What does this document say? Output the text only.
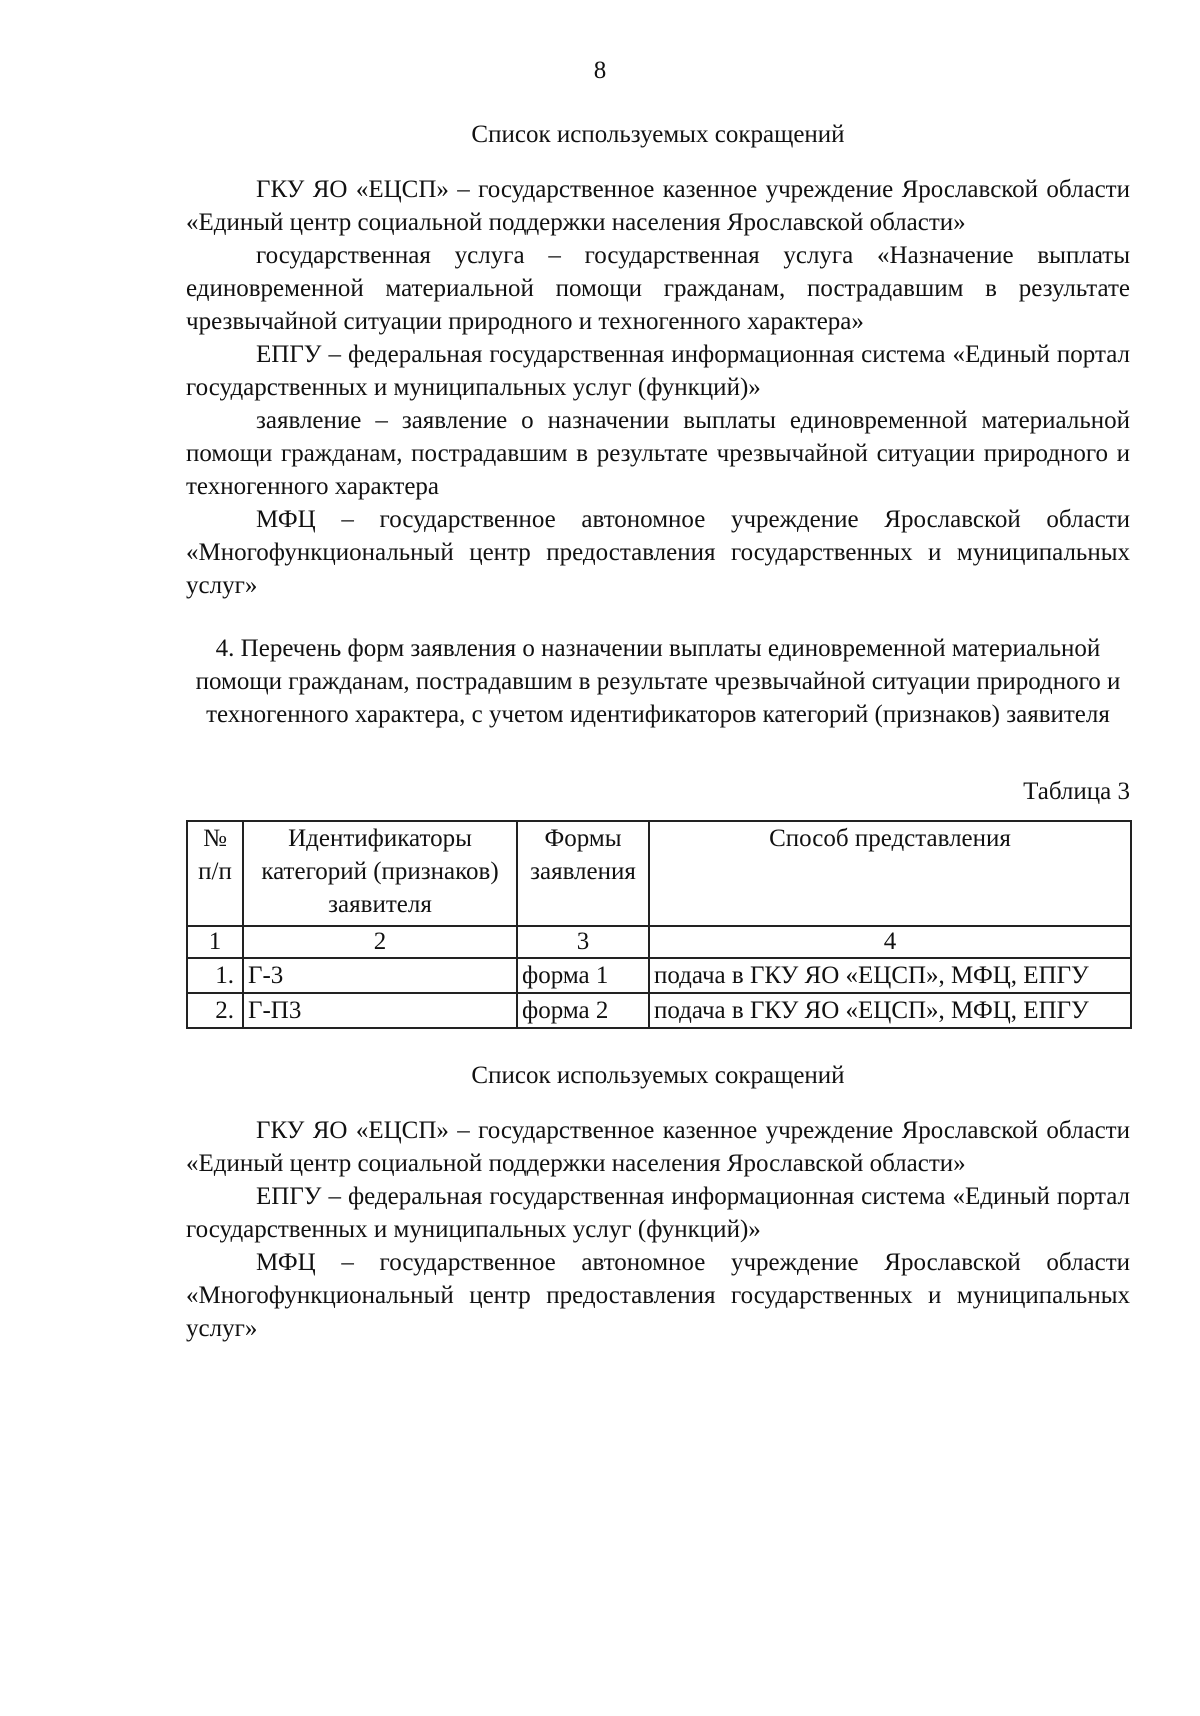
8
Список используемых сокращений

ГКУ ЯО «ЕЦСП» – государственное казенное учреждение Ярославской области «Единый центр социальной поддержки населения Ярославской области»

государственная услуга – государственная услуга «Назначение выплаты единовременной материальной помощи гражданам, пострадавшим в результате чрезвычайной ситуации природного и техногенного характера»

ЕПГУ – федеральная государственная информационная система «Единый портал государственных и муниципальных услуг (функций)»

заявление – заявление о назначении выплаты единовременной материальной помощи гражданам, пострадавшим в результате чрезвычайной ситуации природного и техногенного характера

МФЦ – государственное автономное учреждение Ярославской области «Многофункциональный центр предоставления государственных и муниципальных услуг»

4. Перечень форм заявления о назначении выплаты единовременной материальной помощи гражданам, пострадавшим в результате чрезвычайной ситуации природного и техногенного характера, с учетом идентификаторов категорий (признаков) заявителя
Таблица 3
№ п/п	Идентификаторы категорий (признаков) заявителя	Формы заявления	Способ представления
1	2	3	4
1.	Г-3	форма 1	подача в ГКУ ЯО «ЕЦСП», МФЦ, ЕПГУ
2.	Г-П3	форма 2	подача в ГКУ ЯО «ЕЦСП», МФЦ, ЕПГУ
Список используемых сокращений

ГКУ ЯО «ЕЦСП» – государственное казенное учреждение Ярославской области «Единый центр социальной поддержки населения Ярославской области»

ЕПГУ – федеральная государственная информационная система «Единый портал государственных и муниципальных услуг (функций)»

МФЦ – государственное автономное учреждение Ярославской области «Многофункциональный центр предоставления государственных и муниципальных услуг»
